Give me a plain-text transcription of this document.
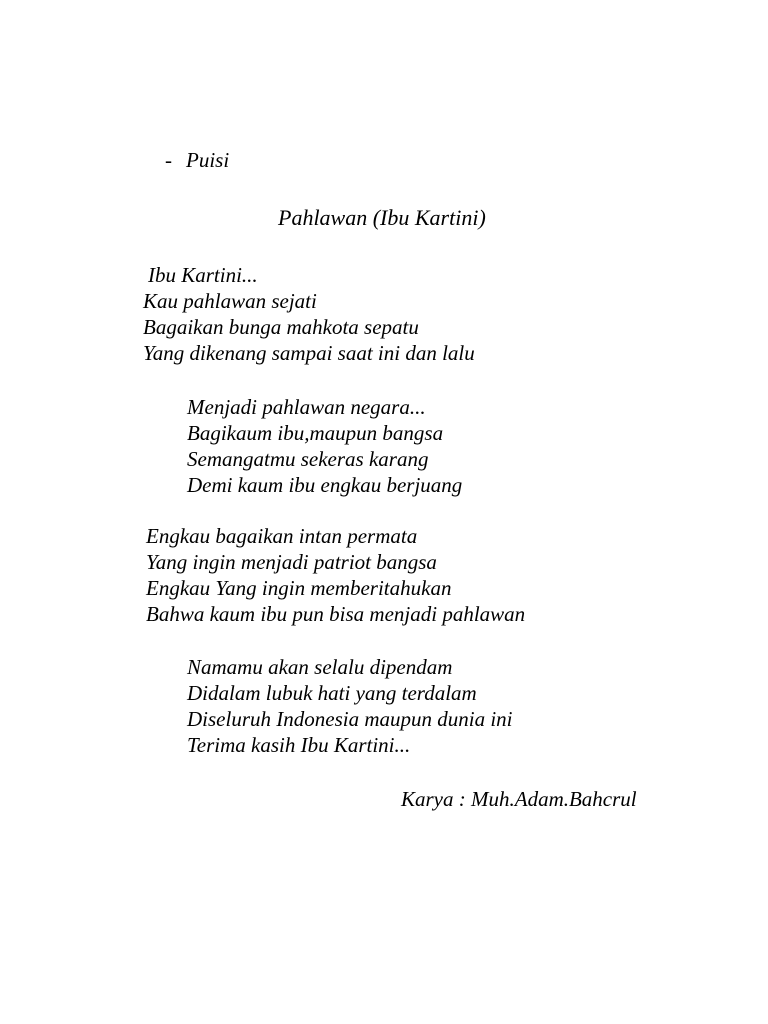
- Puisi
Pahlawan (Ibu Kartini)
Ibu Kartini...
Kau pahlawan sejati
Bagaikan bunga mahkota sepatu
Yang dikenang sampai saat ini dan lalu
Menjadi pahlawan negara...
Bagikaum ibu,maupun bangsa
Semangatmu sekeras karang
Demi kaum ibu engkau berjuang
Engkau bagaikan intan permata
Yang ingin menjadi patriot bangsa
Engkau Yang ingin memberitahukan
Bahwa kaum ibu pun bisa menjadi pahlawan
Namamu akan selalu dipendam
Didalam lubuk hati yang terdalam
Diseluruh Indonesia maupun dunia ini
Terima kasih Ibu Kartini...
Karya : Muh.Adam.Bahcrul
